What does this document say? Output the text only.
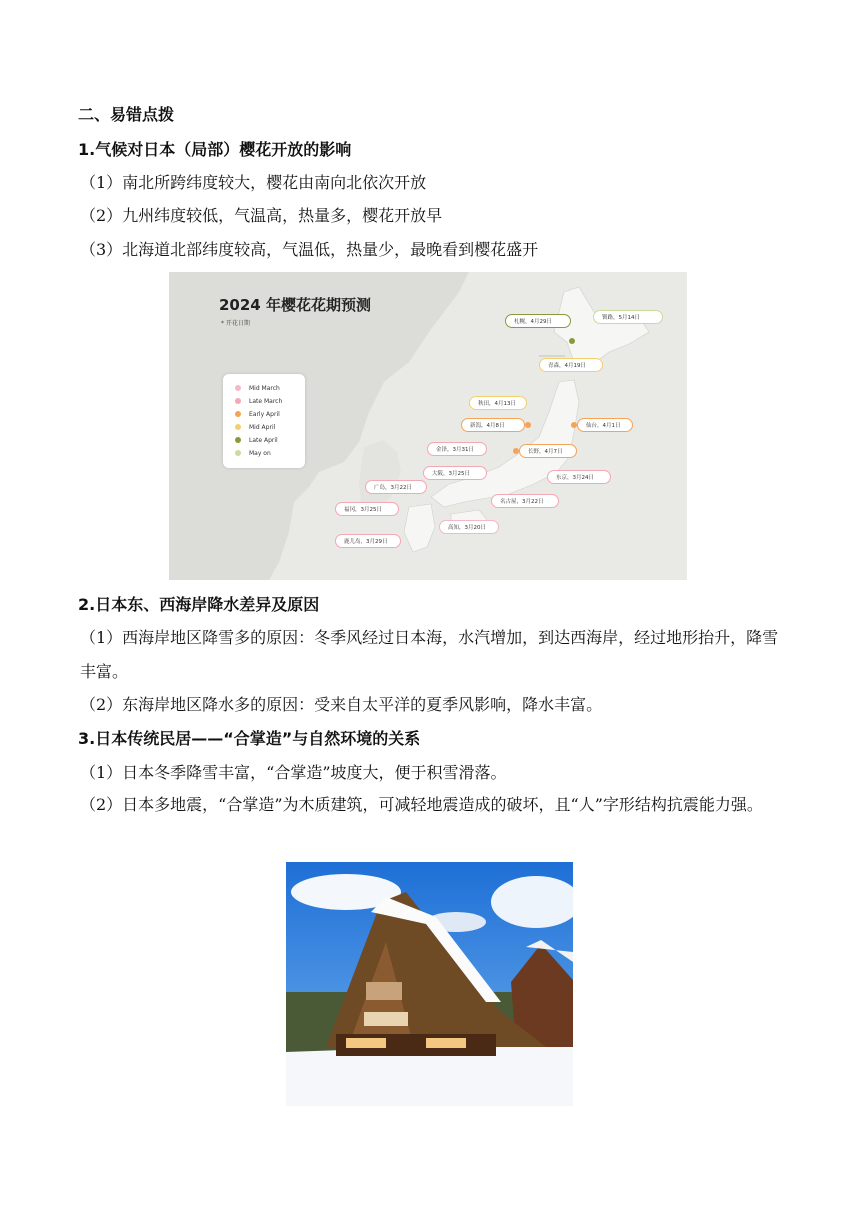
二、易错点拨
1.气候对日本（局部）樱花开放的影响
（1）南北所跨纬度较大，樱花由南向北依次开放
（2）九州纬度较低，气温高，热量多，樱花开放早
（3）北海道北部纬度较高，气温低，热量少，最晚看到樱花盛开
2024 年樱花花期预测
* 开花日期
Mid March
Late March
Early April
Mid April
Late April
May on
札幌，4月29日
钏路，5月14日
青森，4月19日
秋田，4月13日
新潟，4月8日	仙台，4月1日
金泽，3月31日	长野，4月7日
大阪，3月25日
东京，3月24日
广岛，3月22日
名古屋，3月22日
福冈，3月25日
高知，3月20日
鹿儿岛，3月29日
2.日本东、西海岸降水差异及原因
（1）西海岸地区降雪多的原因：冬季风经过日本海，水汽增加，到达西海岸，经过地形抬升，降雪丰富。
（2）东海岸地区降水多的原因：受来自太平洋的夏季风影响，降水丰富。
3.日本传统民居——“合掌造”与自然环境的关系
（1）日本冬季降雪丰富，“合掌造”坡度大，便于积雪滑落。
（2）日本多地震，“合掌造”为木质建筑，可减轻地震造成的破坏，且“人”字形结构抗震能力强。
